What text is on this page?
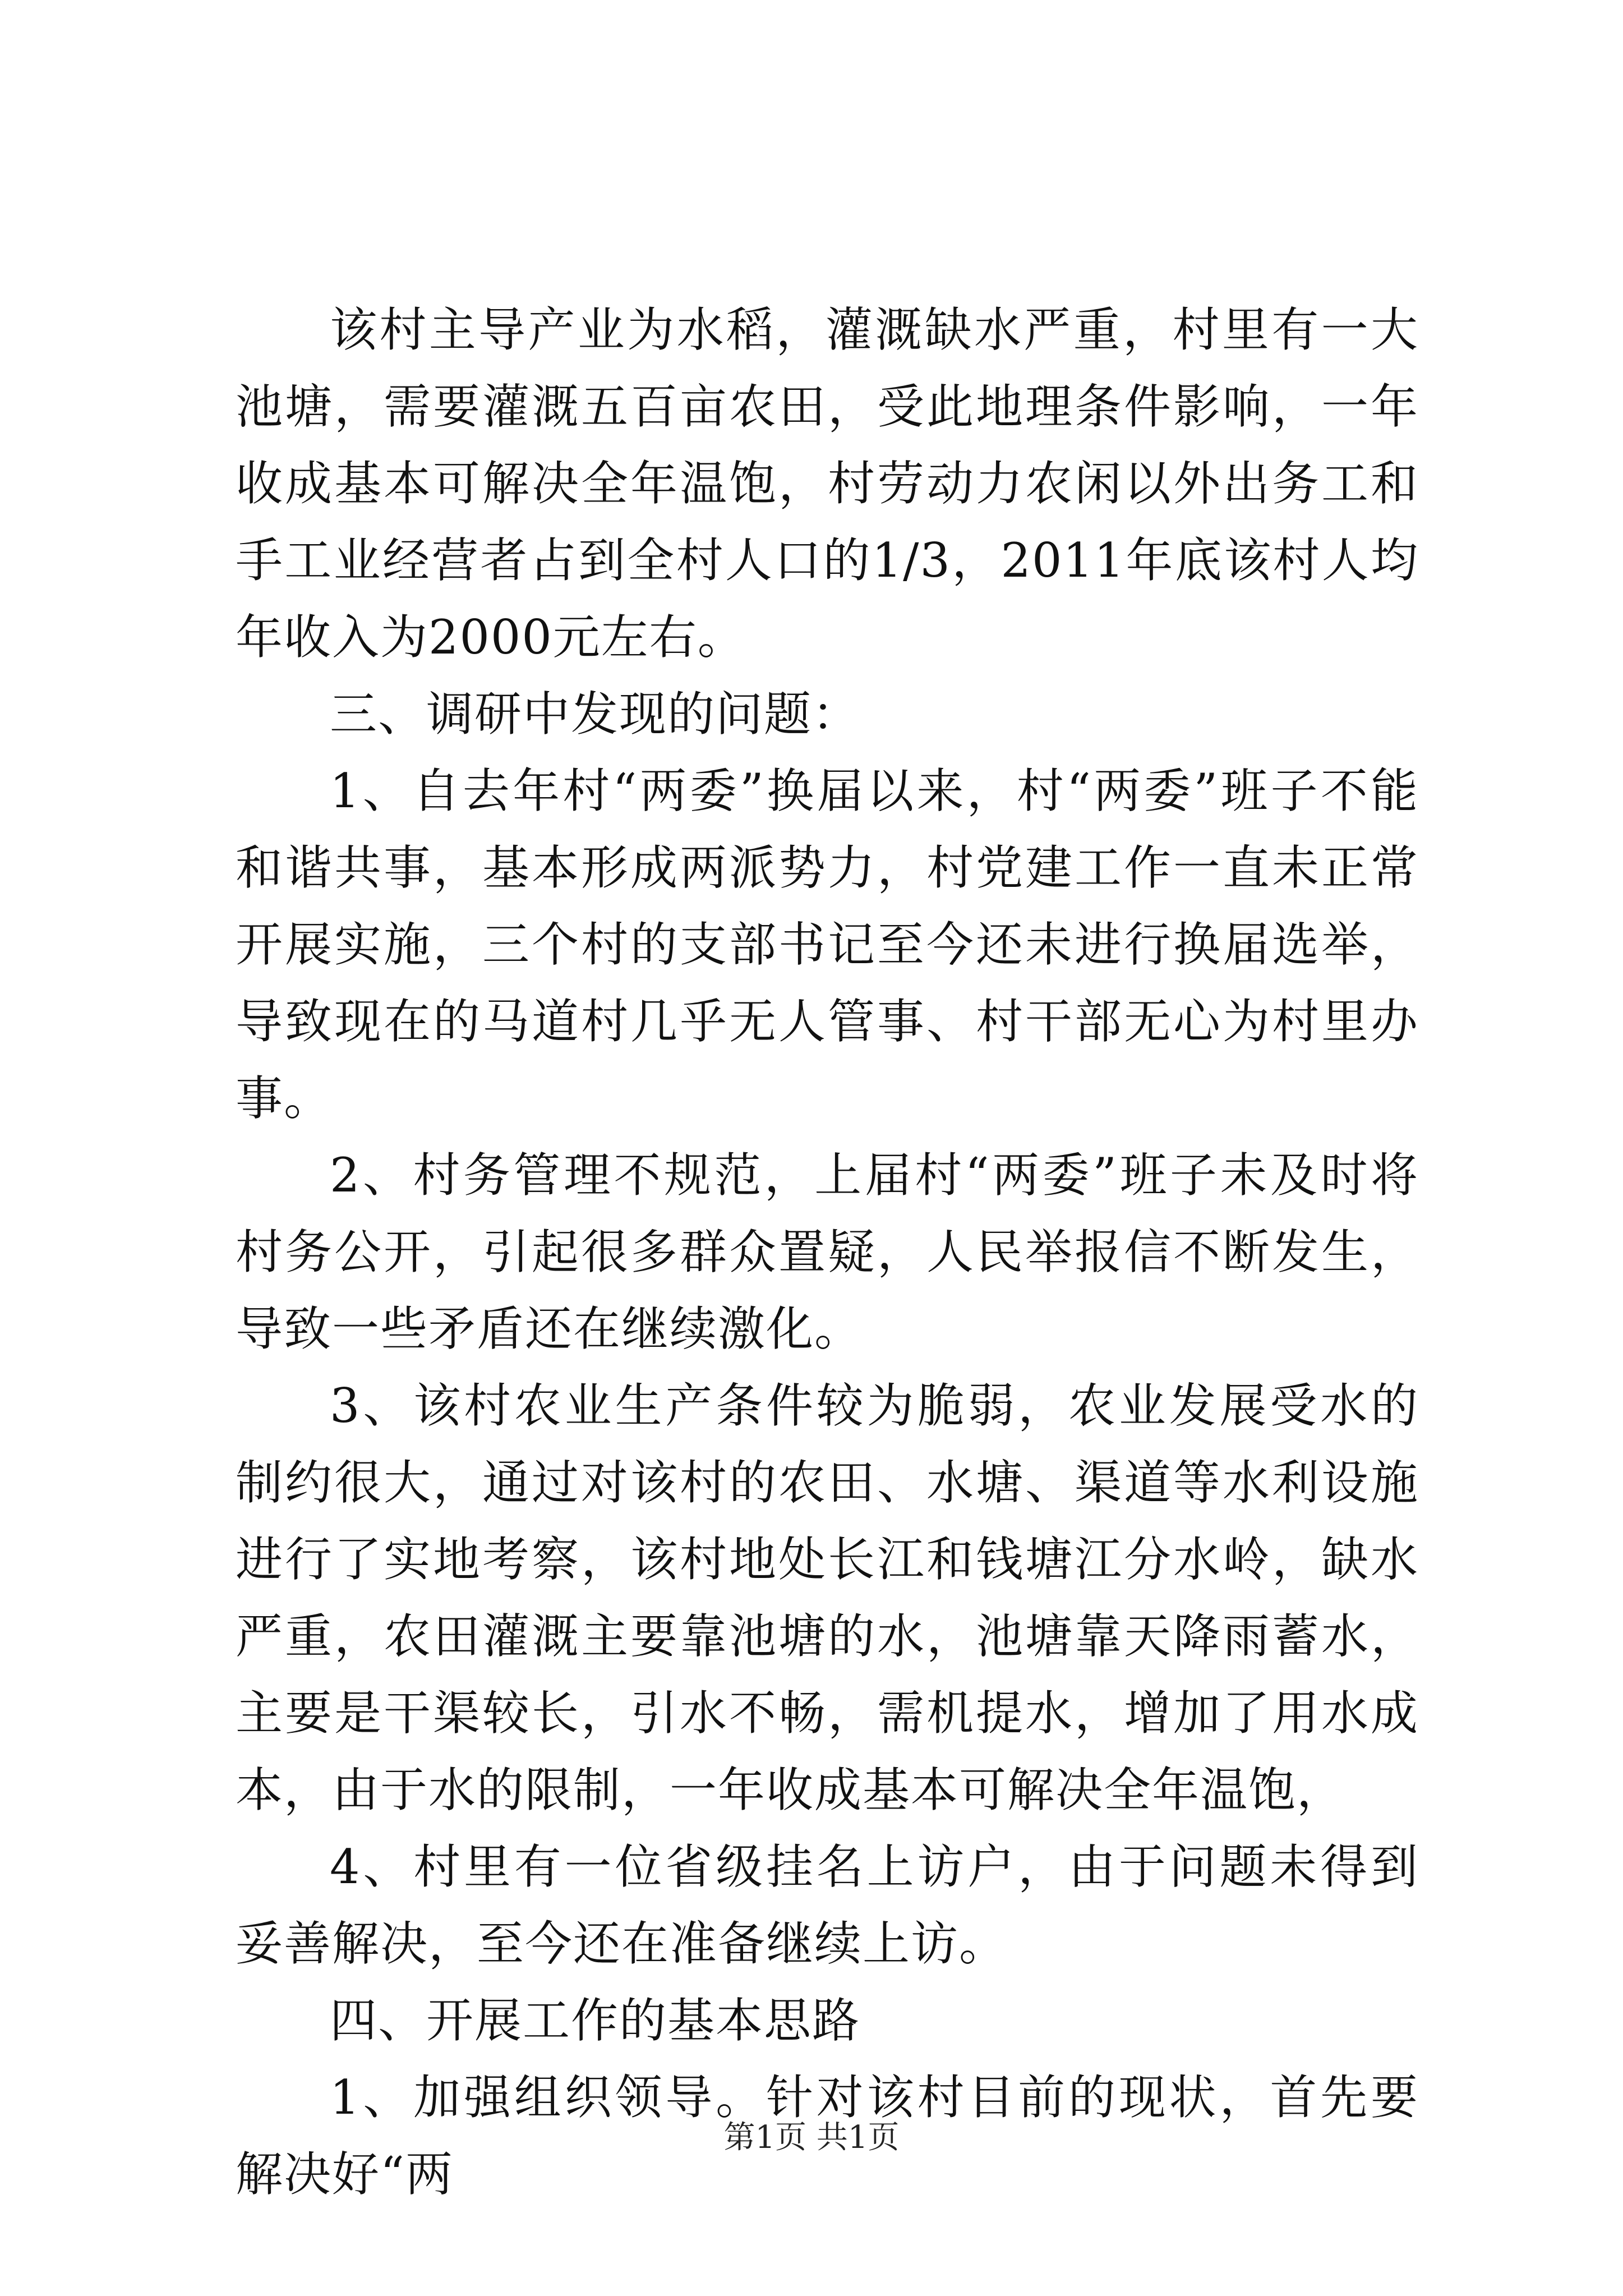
该村主导产业为水稻，灌溉缺水严重，村里有一大池塘，需要灌溉五百亩农田，受此地理条件影响，一年收成基本可解决全年温饱，村劳动力农闲以外出务工和手工业经营者占到全村人口的1/3，2011年底该村人均年收入为2000元左右。

三、调研中发现的问题：

1、自去年村“两委”换届以来，村“两委”班子不能和谐共事，基本形成两派势力，村党建工作一直未正常开展实施，三个村的支部书记至今还未进行换届选举，导致现在的马道村几乎无人管事、村干部无心为村里办事。

2、村务管理不规范，上届村“两委”班子未及时将村务公开，引起很多群众置疑，人民举报信不断发生，导致一些矛盾还在继续激化。

3、该村农业生产条件较为脆弱，农业发展受水的制约很大，通过对该村的农田、水塘、渠道等水利设施进行了实地考察，该村地处长江和钱塘江分水岭，缺水严重，农田灌溉主要靠池塘的水，池塘靠天降雨蓄水，主要是干渠较长，引水不畅，需机提水，增加了用水成本，由于水的限制，一年收成基本可解决全年温饱，

4、村里有一位省级挂名上访户，由于问题未得到妥善解决，至今还在准备继续上访。

四、开展工作的基本思路

1、加强组织领导。针对该村目前的现状，首先要解决好“两

第1页 共1页
